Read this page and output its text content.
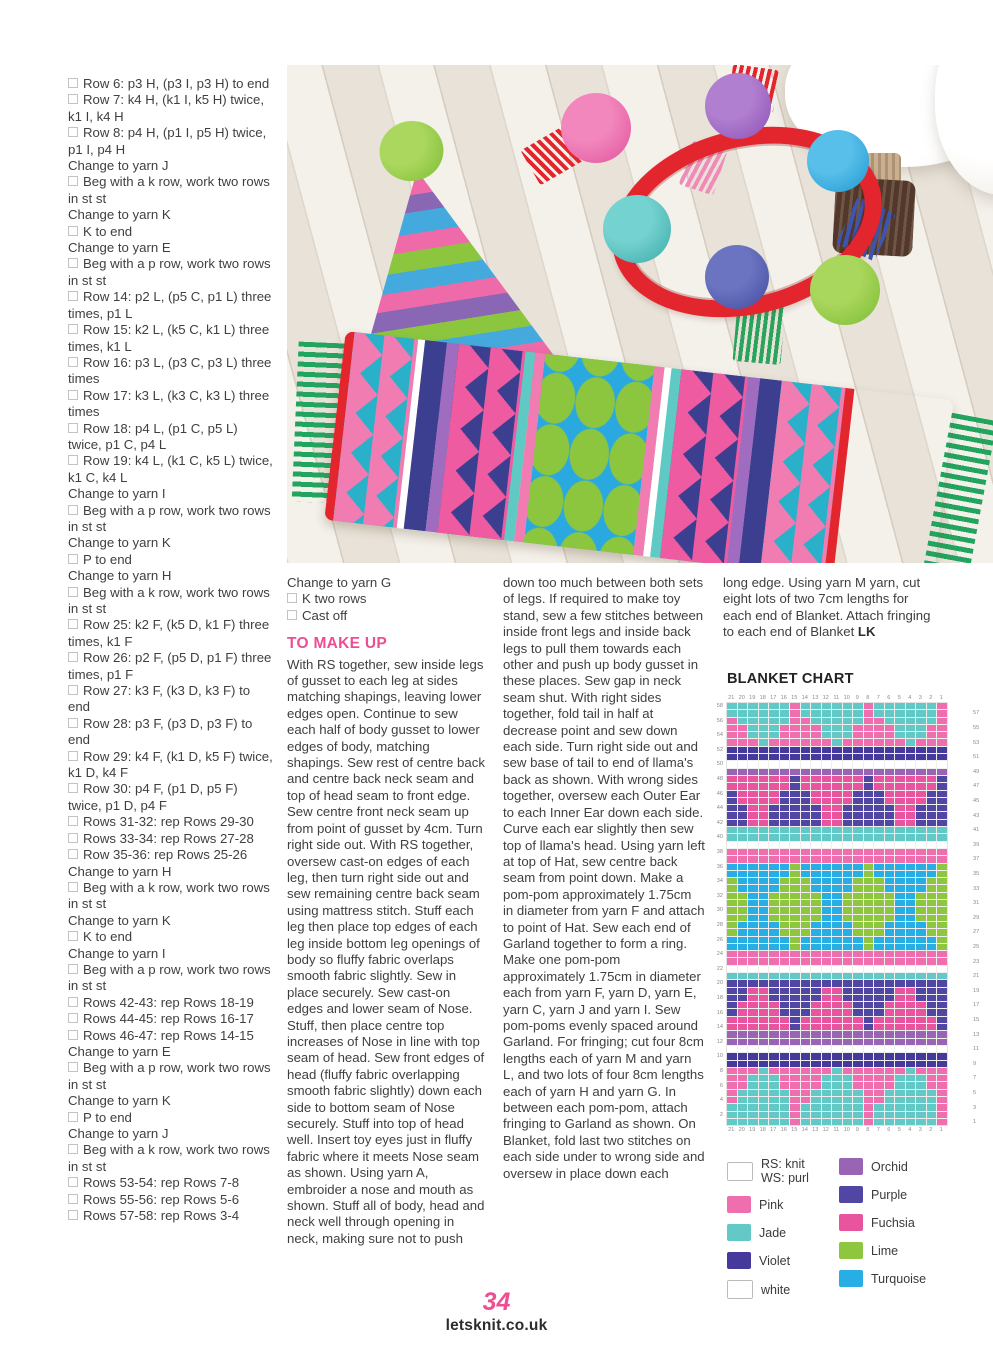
Row 6: p3 H, (p3 I, p3 H) to end
Row 7: k4 H, (k1 I, k5 H) twice, k1 I, k4 H
Row 8: p4 H, (p1 I, p5 H) twice, p1 I, p4 H
Change to yarn J
Beg with a k row, work two rows in st st
Change to yarn K
K to end
Change to yarn E
Beg with a p row, work two rows in st st
Row 14: p2 L, (p5 C, p1 L) three times, p1 L
Row 15: k2 L, (k5 C, k1 L) three times, k1 L
Row 16: p3 L, (p3 C, p3 L) three times
Row 17: k3 L, (k3 C, k3 L) three times
Row 18: p4 L, (p1 C, p5 L) twice, p1 C, p4 L
Row 19: k4 L, (k1 C, k5 L) twice, k1 C, k4 L
Change to yarn I
Beg with a p row, work two rows in st st
Change to yarn K
P to end
Change to yarn H
Beg with a k row, work two rows in st st
Row 25: k2 F, (k5 D, k1 F) three times, k1 F
Row 26: p2 F, (p5 D, p1 F) three times, p1 F
Row 27: k3 F, (k3 D, k3 F) to end
Row 28: p3 F, (p3 D, p3 F) to end
Row 29: k4 F, (k1 D, k5 F) twice, k1 D, k4 F
Row 30: p4 F, (p1 D, p5 F) twice, p1 D, p4 F
Rows 31-32: rep Rows 29-30
Rows 33-34: rep Rows 27-28
Row 35-36: rep Rows 25-26
Change to yarn H
Beg with a k row, work two rows in st st
Change to yarn K
K to end
Change to yarn I
Beg with a p row, work two rows in st st
Rows 42-43: rep Rows 18-19
Rows 44-45: rep Rows 16-17
Rows 46-47: rep Rows 14-15
Change to yarn E
Beg with a p row, work two rows in st st
Change to yarn K
P to end
Change to yarn J
Beg with a k row, work two rows in st st
Rows 53-54: rep Rows 7-8
Rows 55-56: rep Rows 5-6
Rows 57-58: rep Rows 3-4
Change to yarn G
K two rows
Cast off
TO MAKE UP
With RS together, sew inside legs of gusset to each leg at sides matching shapings, leaving lower edges open. Continue to sew each half of body gusset to lower edges of body, matching shapings. Sew rest of centre back and centre back neck seam and top of head seam to front edge. Sew centre front neck seam up from point of gusset by 4cm. Turn right side out. With RS together, oversew cast-on edges of each leg, then turn right side out and sew remaining centre back seam using mattress stitch. Stuff each leg then place top edges of each leg inside bottom leg openings of body so fluffy fabric overlaps smooth fabric slightly. Sew in place securely. Sew cast-on edges and lower seam of Nose. Stuff, then place centre top increases of Nose in line with top seam of head. Sew front edges of head (fluffy fabric overlapping smooth fabric slightly) down each side to bottom seam of Nose securely. Stuff into top of head well. Insert toy eyes just in fluffy fabric where it meets Nose seam as shown. Using yarn A, embroider a nose and mouth as shown. Stuff all of body, head and neck well through opening in neck, making sure not to push
down too much between both sets of legs. If required to make toy stand, sew a few stitches between inside front legs and inside back legs to pull them towards each other and push up body gusset in these places. Sew gap in neck seam shut. With right sides together, fold tail in half at decrease point and sew down each side. Turn right side out and sew base of tail to end of llama's back as shown. With wrong sides together, oversew each Outer Ear to each Inner Ear down each side. Curve each ear slightly then sew top of llama's head. Using yarn left at top of Hat, sew centre back seam from point down. Make a pom-pom approximately 1.75cm in diameter from yarn F and attach to point of Hat. Sew each end of Garland together to form a ring. Make one pom-pom approximately 1.75cm in diameter each from yarn F, yarn D, yarn E, yarn C, yarn J and yarn I. Sew pom-poms evenly spaced around Garland. For fringing; cut four 8cm lengths each of yarn M and yarn L, and two lots of four 8cm lengths each of yarn H and yarn G. In between each pom-pom, attach fringing to Garland as shown. On Blanket, fold last two stitches on each side under to wrong side and oversew in place down each
long edge. Using yarn M yarn, cut eight lots of two 7cm lengths for each end of Blanket. Attach fringing to each end of Blanket LK
BLANKET CHART
21 20 19 18 17 16 15 14 13 12 11 10	9	8	7	6	5	4	3	2	1
58
56
54
52
50
48
46
44
42
40
38
36
34
32
30
28
26
24
22
20
18
16
14
12
10
8
6
4
2
57
55
53
51
49
47
45
43
41
39
37
35
33
31
29
27
25
23
21
19
17
15
13
11
9
7
5
3
1
21 20 19 18 17 16 15 14 13 12 11 10	9	8	7	6	5	4	3	2	1
RS: knit
WS: purl
Pink
Jade
Violet
white
Orchid
Purple
Fuchsia
Lime
Turquoise
34
letsknit.co.uk
